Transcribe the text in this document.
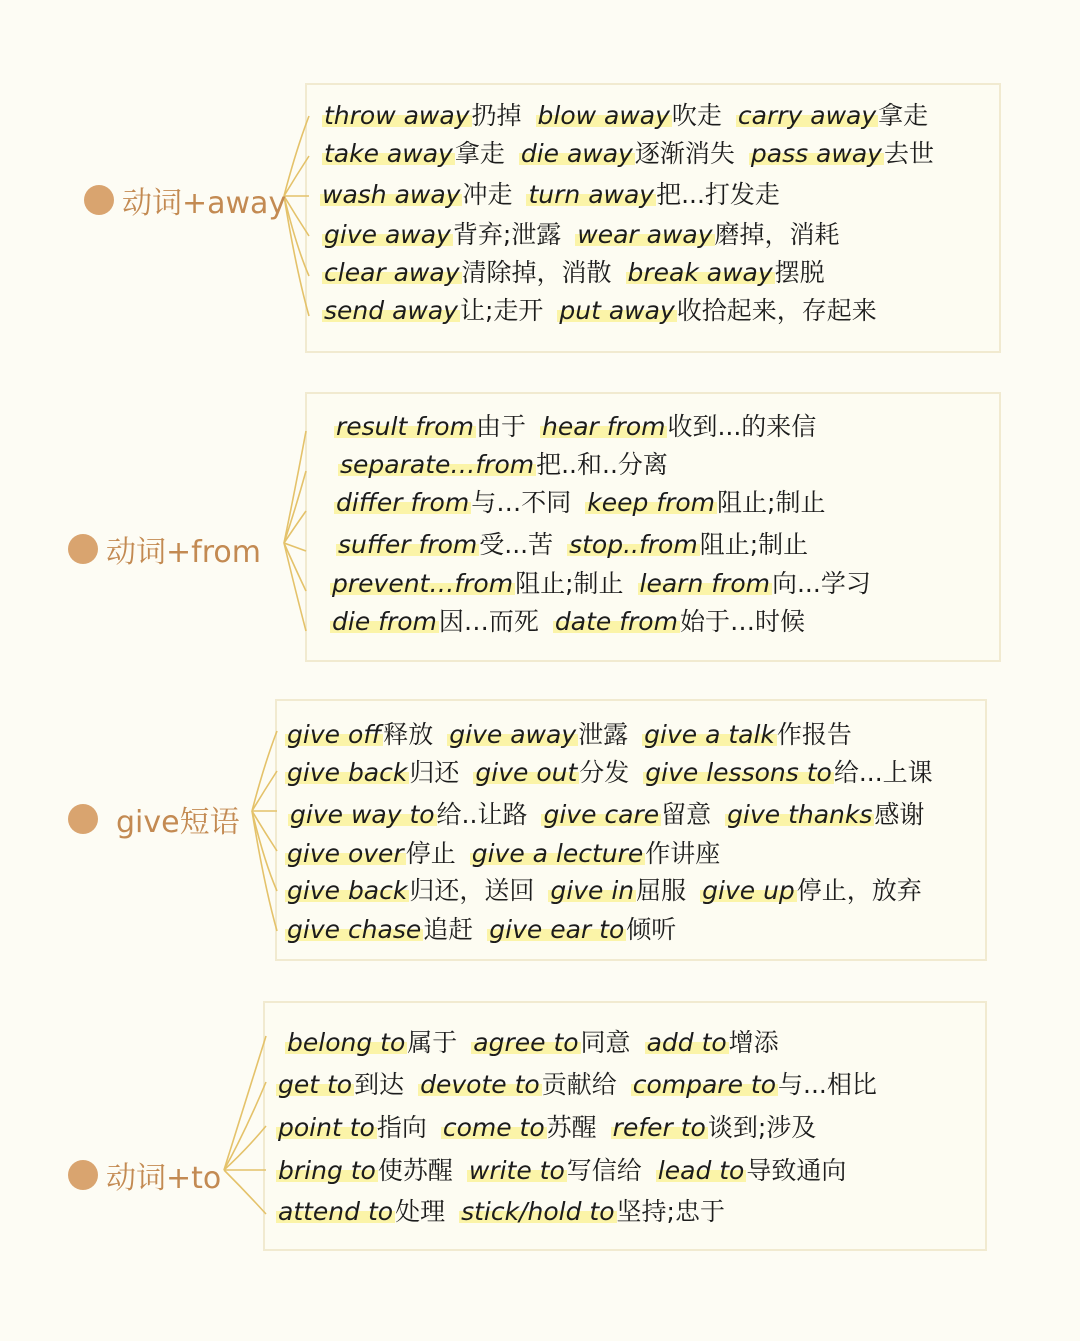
动词+away
throw away扔掉 blow away吹走 carry away拿走
take away拿走 die away逐渐消失 pass away去世
wash away冲走 turn away把...打发走
give away背弃;泄露 wear away磨掉，消耗
clear away清除掉，消散 break away摆脱
send away让;走开 put away收拾起来，存起来
动词+from
result from由于 hear from收到...的来信
separate…from把..和..分离
differ from与…不同 keep from阻止;制止
suffer from受...苦 stop..from阻止;制止
prevent…from阻止;制止 learn from向...学习
die from因…而死 date from始于…时候
give短语
give off释放 give away泄露 give a talk作报告
give back归还 give out分发 give lessons to给...上课
give way to给..让路 give care留意 give thanks感谢
give over停止 give a lecture作讲座
give back归还，送回 give in屈服 give up停止，放弃
give chase追赶 give ear to倾听
动词+to
belong to属于 agree to同意 add to增添
get to到达 devote to贡献给 compare to与...相比
point to指向 come to苏醒 refer to谈到;涉及
bring to使苏醒 write to写信给 lead to导致通向
attend to处理 stick/hold to坚持;忠于
